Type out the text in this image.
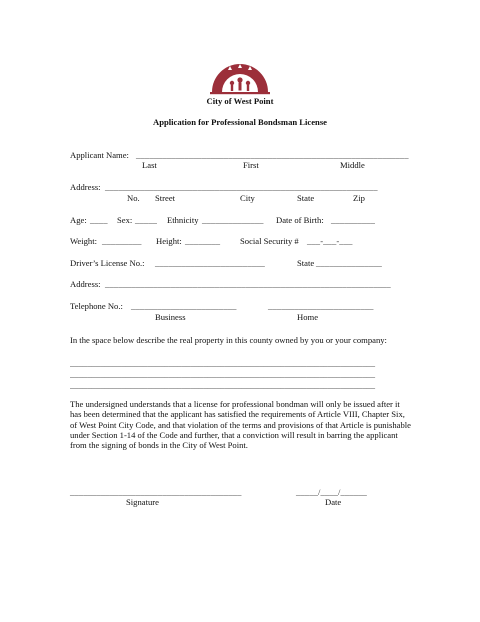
City of West Point
Application for Professional Bondsman License
Applicant Name: ______________________________________________________________
Last	First	Middle
Address: ______________________________________________________________
No. Street	City	State	Zip
Age: ____ Sex: _____ Ethnicity ______________ Date of Birth: __________
Weight: _________ Height: ________ Social Security # ___-___-___
Driver’s License No.: _________________________	State _______________
Address: _________________________________________________________________
Telephone No.: ________________________	________________________
Business	Home
In the space below describe the real property in this county owned by you or your company:
_______________________________________________________________________
_______________________________________________________________________
_______________________________________________________________________
The undersigned understands that a license for professional bondman will only be issued after it has been determined that the applicant has satisfied the requirements of Article VIII, Chapter Six, of West Point City Code, and that violation of the terms and provisions of that Article is punishable under Section 1-14 of the Code and further, that a conviction will result in barring the applicant from the signing of bonds in the City of West Point.
_______________________________________
Signature
_____/____/______
Date
